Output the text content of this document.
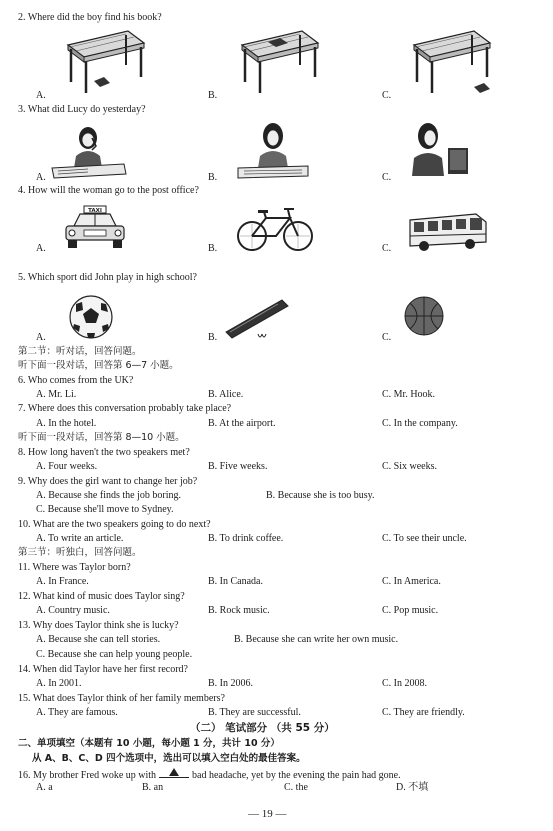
2. Where did the boy find his book?
A.	B.	C.
3. What did Lucy do yesterday?
A.	B.	C.
4. How will the woman go to the post office?
TAXI
A.	B.	C.
5. Which sport did John play in high school?
A.	B.	C.
第二节：听对话，回答问题。
听下面一段对话，回答第 6—7 小题。
6. Who comes from the UK?
A. Mr. Li.	B. Alice.	C. Mr. Hook.
7. Where does this conversation probably take place?
A. In the hotel.	B. At the airport.	C. In the company.
听下面一段对话，回答第 8—10 小题。
8. How long haven't the two speakers met?
A. Four weeks.	B. Five weeks.	C. Six weeks.
9. Why does the girl want to change her job?
A. Because she finds the job boring.	B. Because she is too busy.
C. Because she'll move to Sydney.
10. What are the two speakers going to do next?
A. To write an article.	B. To drink coffee.	C. To see their uncle.
第三节：听独白，回答问题。
11. Where was Taylor born?
A. In France.	B. In Canada.	C. In America.
12. What kind of music does Taylor sing?
A. Country music.	B. Rock music.	C. Pop music.
13. Why does Taylor think she is lucky?
A. Because she can tell stories.	B. Because she can write her own music.
C. Because she can help young people.
14. When did Taylor have her first record?
A. In 2001.	B. In 2006.	C. In 2008.
15. What does Taylor think of her family members?
A. They are famous.	B. They are successful.	C. They are friendly.
（二） 笔试部分 （共 55 分）
二、单项填空（本题有 10 小题，每小题 1 分，共计 10 分）
从 A、B、C、D 四个选项中，选出可以填入空白处的最佳答案。
16. My brother Fred woke up with	bad headache, yet by the evening the pain had gone.
A. a	B. an	C. the	D. 不填
— 19 —
